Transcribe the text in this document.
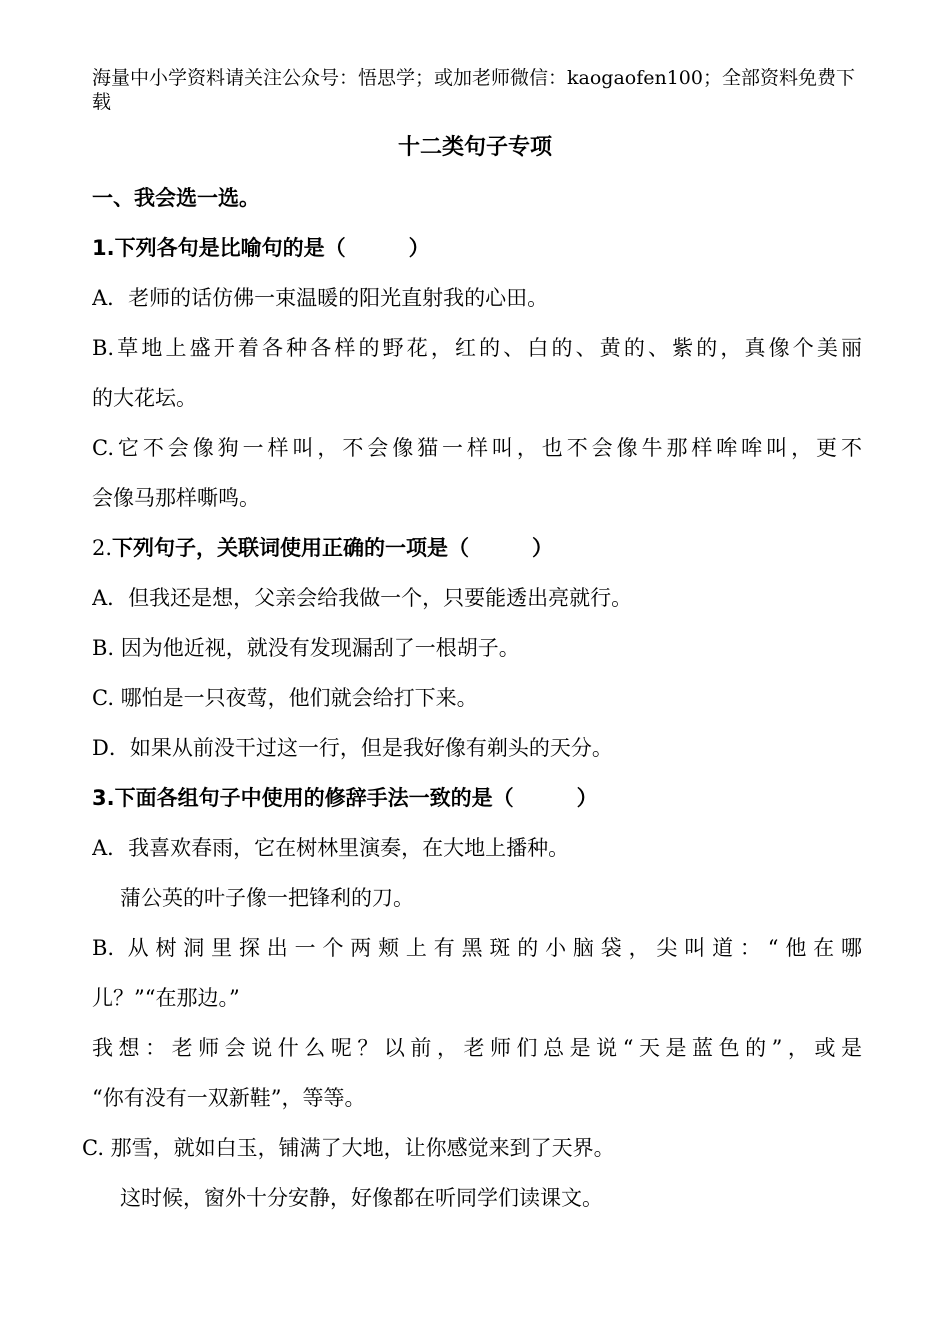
海量中小学资料请关注公众号：悟思学；或加老师微信：kaogaofen100；全部资料免费下载
十二类句子专项
一、我会选一选。
1.下列各句是比喻句的是（　　　）
A．老师的话仿佛一束温暖的阳光直射我的心田。
B.草地上盛开着各种各样的野花，红的、白的、黄的、紫的，真像个美丽
的大花坛。
C.它不会像狗一样叫，不会像猫一样叫，也不会像牛那样哞哞叫，更不
会像马那样嘶鸣。
2.下列句子，关联词使用正确的一项是（　　　）
A．但我还是想，父亲会给我做一个，只要能透出亮就行。
B. 因为他近视，就没有发现漏刮了一根胡子。
C. 哪怕是一只夜莺，他们就会给打下来。
D．如果从前没干过这一行，但是我好像有剃头的天分。
3.下面各组句子中使用的修辞手法一致的是（　　　）
A．我喜欢春雨，它在树林里演奏，在大地上播种。
蒲公英的叶子像一把锋利的刀。
B. 从树洞里探出一个两颊上有黑斑的小脑袋，尖叫道：“他在哪
儿？”“在那边。”
我想：老师会说什么呢？以前，老师们总是说“天是蓝色的”，或是
“你有没有一双新鞋”，等等。
C. 那雪，就如白玉，铺满了大地，让你感觉来到了天界。
这时候，窗外十分安静，好像都在听同学们读课文。
